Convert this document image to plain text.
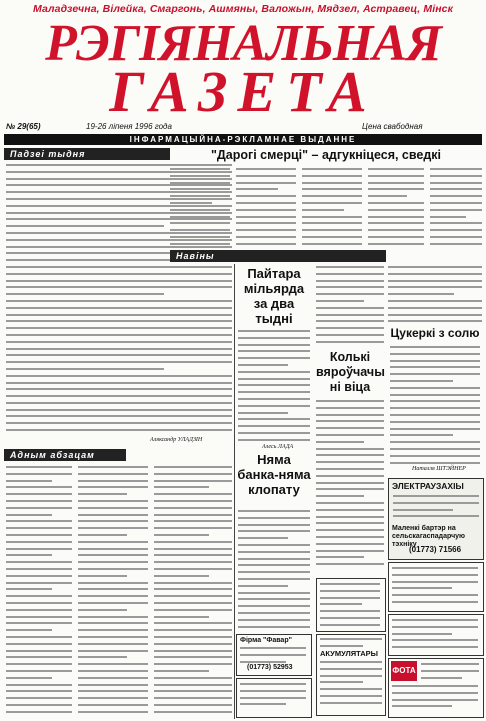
Маладзечна, Вілейка, Смаргонь, Ашмяны, Валожын, Мядзел, Астравец, Мінск
РЭГІЯНАЛЬНАЯ
ГАЗЕТА
№ 29(65)	19-26 ліпеня 1996 года	Цена свабодная
ІНФАРМАЦЫЙНА-РЭКЛАМНАЕ ВЫДАННЕ
Падзеі тыдня
Аляксандр УЛАДЗІН
Адным абзацам
"Дарогі смерці" – адгукніцеся, сведкі
Навіны
Пайтара мільярда за два тыдні
Алесь ЛАДА
Няма банка-няма клопату
Колькі вяроўчачы ні віца
Цукеркі з солю
Наталля ШТЭЙНЕР
ЭЛЕКТРАУЗАХІЫ
Маленкі бартэр на сельскагаспадарчую тэхніку
(01773) 71566
Фірма "Фавар"
(01773) 52953
АКУМУЛЯТАРЫ
ФОТА
